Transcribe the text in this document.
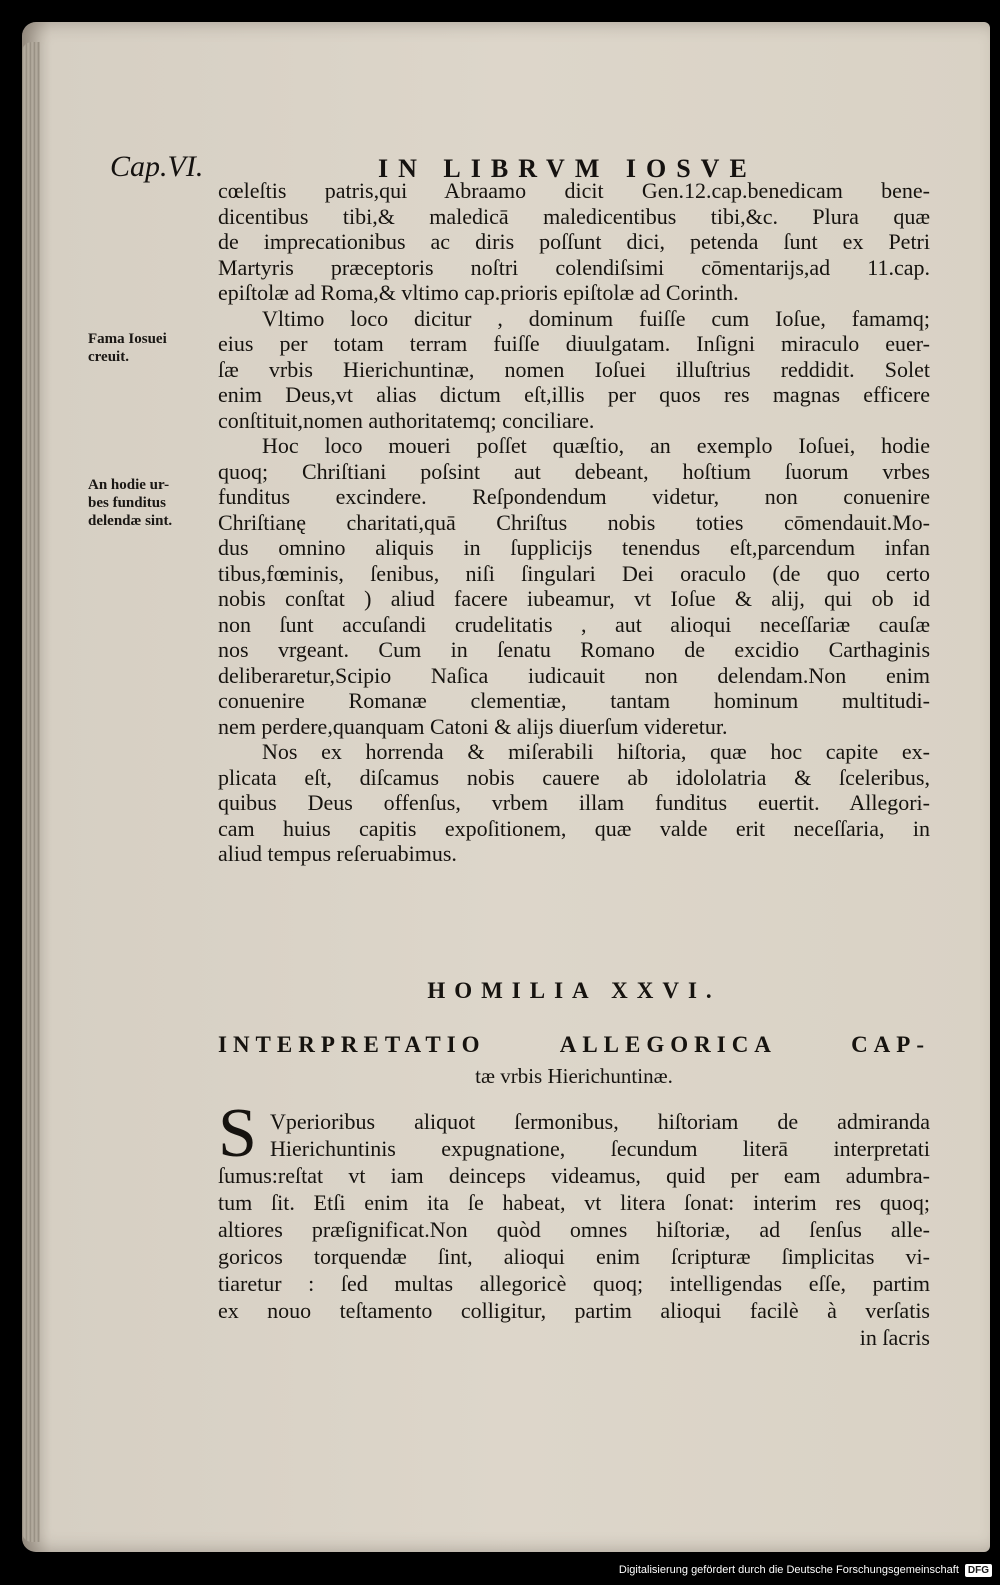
Cap.VI.	IN LIBRVM IOSVE
Fama Iosuei
creuit.
An hodie ur-
bes funditus
delendæ sint.
cœleſtis patris,qui Abraamo dicit Gen.12.cap.benedicam bene-
dicentibus tibi,& maledicā maledicentibus tibi,&c. Plura quæ
de imprecationibus ac diris poſſunt dici, petenda ſunt ex Petri
Martyris præceptoris noſtri colendiſsimi cōmentarijs,ad 11.cap.
epiſtolæ ad Roma,& vltimo cap.prioris epiſtolæ ad Corinth.
Vltimo loco dicitur , dominum fuiſſe cum Ioſue, famamq;
eius per totam terram fuiſſe diuulgatam. Inſigni miraculo euer-
ſæ vrbis Hierichuntinæ, nomen Ioſuei illuſtrius reddidit. Solet
enim Deus,vt alias dictum eſt,illis per quos res magnas efficere
conſtituit,nomen authoritatemq; conciliare.
Hoc loco moueri poſſet quæſtio, an exemplo Ioſuei, hodie
quoq; Chriſtiani poſsint aut debeant, hoſtium ſuorum vrbes
funditus excindere. Reſpondendum videtur, non conuenire
Chriſtianę charitati,quā Chriſtus nobis toties cōmendauit.Mo-
dus omnino aliquis in ſupplicijs tenendus eſt,parcendum infan
tibus,fœminis, ſenibus, niſi ſingulari Dei oraculo (de quo certo
nobis conſtat ) aliud facere iubeamur, vt Ioſue & alij, qui ob id
non ſunt accuſandi crudelitatis , aut alioqui neceſſariæ cauſæ
nos vrgeant. Cum in ſenatu Romano de excidio Carthaginis
deliberaretur,Scipio Naſica iudicauit non delendam.Non enim
conuenire Romanæ clementiæ, tantam hominum multitudi-
nem perdere,quanquam Catoni & alijs diuerſum videretur.
Nos ex horrenda & miſerabili hiſtoria, quæ hoc capite ex-
plicata eſt, diſcamus nobis cauere ab idololatria & ſceleribus,
quibus Deus offenſus, vrbem illam funditus euertit. Allegori-
cam huius capitis expoſitionem, quæ valde erit neceſſaria, in
aliud tempus reſeruabimus.
HOMILIA XXVI.
INTERPRETATIO ALLEGORICA CAP-
tæ vrbis Hierichuntinæ.
S Vperioribus aliquot ſermonibus, hiſtoriam de admiranda
Hierichuntinis expugnatione, ſecundum literā interpretati
ſumus:reſtat vt iam deinceps videamus, quid per eam adumbra-
tum ſit. Etſi enim ita ſe habeat, vt litera ſonat: interim res quoq;
altiores præſignificat.Non quòd omnes hiſtoriæ, ad ſenſus alle-
goricos torquendæ ſint, alioqui enim ſcripturæ ſimplicitas vi-
tiaretur : ſed multas allegoricè quoq; intelligendas eſſe, partim
ex nouo teſtamento colligitur, partim alioqui facilè à verſatis
in ſacris
Digitalisierung gefördert durch die Deutsche Forschungsgemeinschaft DFG
